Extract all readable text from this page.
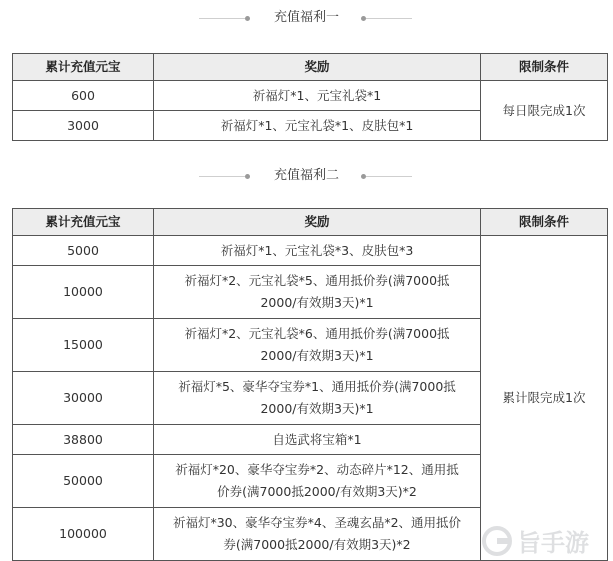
充值福利一
累计充值元宝	奖励	限制条件
600	祈福灯*1、元宝礼袋*1	每日限完成1次
3000	祈福灯*1、元宝礼袋*1、皮肤包*1	
充值福利二
累计充值元宝	奖励	限制条件
5000	祈福灯*1、元宝礼袋*3、皮肤包*3	累计限完成1次
10000	祈福灯*2、元宝礼袋*5、通用抵价券(满7000抵2000/有效期3天)*1	
15000	祈福灯*2、元宝礼袋*6、通用抵价券(满7000抵2000/有效期3天)*1	
30000	祈福灯*5、豪华夺宝券*1、通用抵价券(满7000抵2000/有效期3天)*1	
38800	自选武将宝箱*1	
50000	祈福灯*20、豪华夺宝券*2、动态碎片*12、通用抵价券(满7000抵2000/有效期3天)*2	
100000	祈福灯*30、豪华夺宝券*4、圣魂玄晶*2、通用抵价券(满7000抵2000/有效期3天)*2		旨手游
